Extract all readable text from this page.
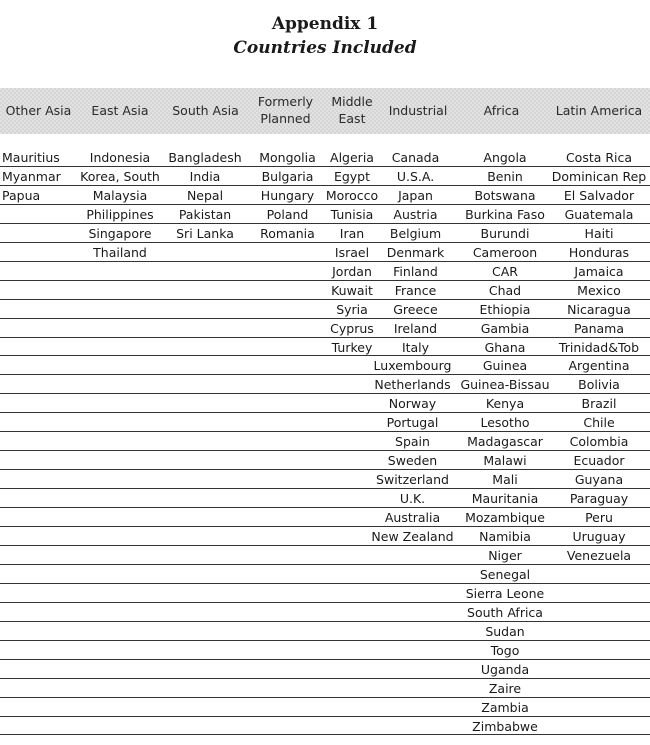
Appendix 1
Countries Included
Other Asia
Mauritius
Myanmar
Papua
East Asia
Indonesia
Korea, South
Malaysia
Philippines
Singapore
Thailand
South Asia
Bangladesh
India
Nepal
Pakistan
Sri Lanka
Formerly Planned
Mongolia
Bulgaria
Hungary
Poland
Romania
Middle East
Algeria
Egypt
Morocco
Tunisia
Iran
Israel
Jordan
Kuwait
Syria
Cyprus
Turkey
Industrial
Canada
U.S.A.
Japan
Austria
Belgium
Denmark
Finland
France
Greece
Ireland
Italy
Luxembourg
Netherlands
Norway
Portugal
Spain
Sweden
Switzerland
U.K.
Australia
New Zealand
Africa
Angola
Benin
Botswana
Burkina Faso
Burundi
Cameroon
CAR
Chad
Ethiopia
Gambia
Ghana
Guinea
Guinea-Bissau
Kenya
Lesotho
Madagascar
Malawi
Mali
Mauritania
Mozambique
Namibia
Niger
Senegal
Sierra Leone
South Africa
Sudan
Togo
Uganda
Zaire
Zambia
Zimbabwe
Latin America
Costa Rica
Dominican Rep
El Salvador
Guatemala
Haiti
Honduras
Jamaica
Mexico
Nicaragua
Panama
Trinidad&Tob
Argentina
Bolivia
Brazil
Chile
Colombia
Ecuador
Guyana
Paraguay
Peru
Uruguay
Venezuela
